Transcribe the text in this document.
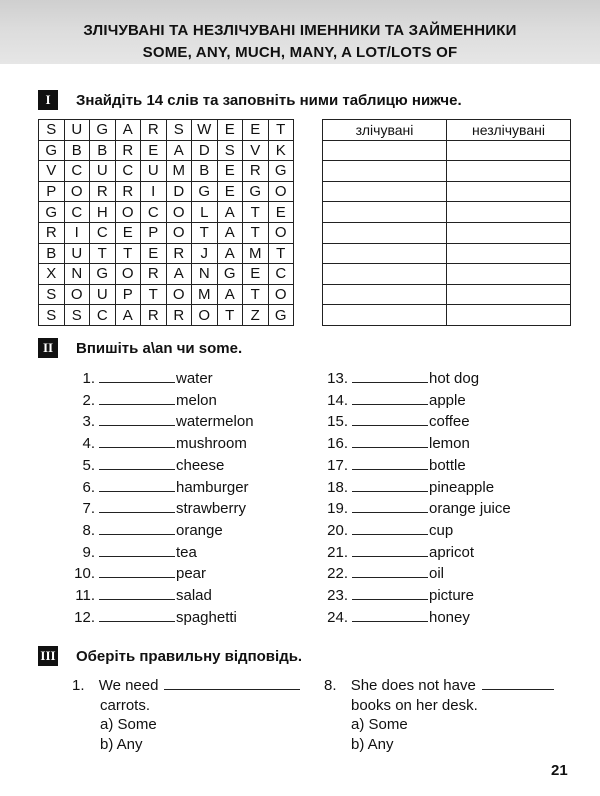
ЗЛІЧУВАНІ ТА НЕЗЛІЧУВАНІ ІМЕННИКИ ТА ЗАЙМЕННИКИ
SOME, ANY, MUCH, MANY, A LOT/LOTS OF
I	Знайдіть 14 слів та заповніть ними таблицю нижче.
S	U	G	A	R	S	W	E	E	T
G	B	B	R	E	A	D	S	V	K
V	C	U	C	U	M	B	E	R	G
P	O	R	R	I	D	G	E	G	O
G	C	H	O	C	O	L	A	T	E
R	I	C	E	P	O	T	A	T	O
B	U	T	T	E	R	J	A	M	T
X	N	G	O	R	A	N	G	E	C
S	O	U	P	T	O	M	A	T	O
S	S	C	A	R	R	O	T	Z	G
злічувані	незлічувані

II	Впишіть a\an чи some.
1.	water
2.	melon
3.	watermelon
4.	mushroom
5.	cheese
6.	hamburger
7.	strawberry
8.	orange
9.	tea
10.	pear
11.	salad
12.	spaghetti
13.	hot dog
14.	apple
15.	coffee
16.	lemon
17.	bottle
18.	pineapple
19.	orange juice
20.	cup
21.	apricot
22.	oil
23.	picture
24.	honey
III Оберіть правильну відповідь.
1. We need
carrots.
a) Some
b) Any
8. She does not have
books on her desk.
a) Some
b) Any
21
